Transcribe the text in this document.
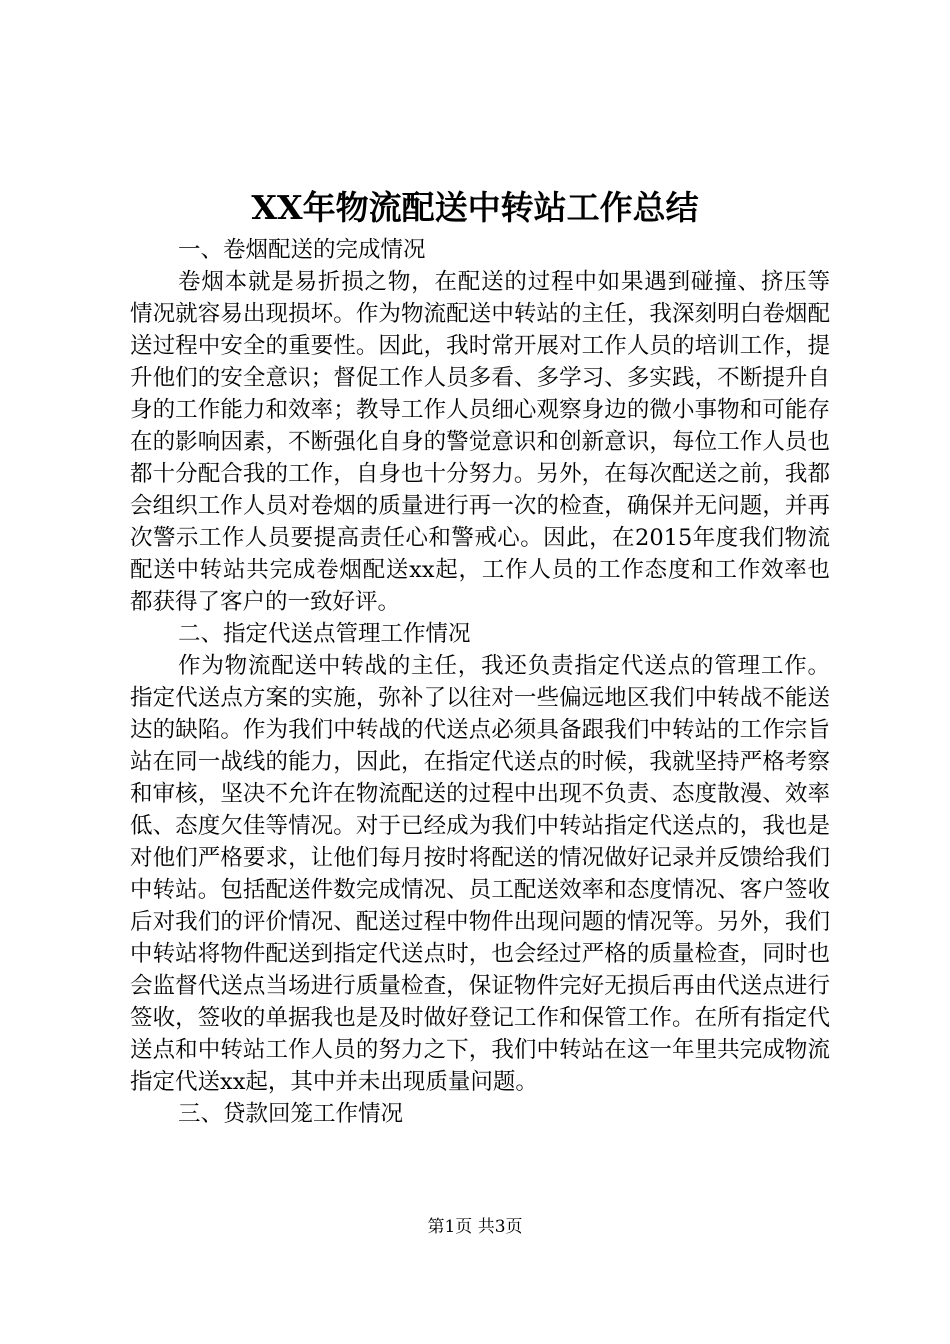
XX年物流配送中转站工作总结

一、卷烟配送的完成情况

卷烟本就是易折损之物，在配送的过程中如果遇到碰撞、挤压等情况就容易出现损坏。作为物流配送中转站的主任，我深刻明白卷烟配送过程中安全的重要性。因此，我时常开展对工作人员的培训工作，提升他们的安全意识；督促工作人员多看、多学习、多实践，不断提升自身的工作能力和效率；教导工作人员细心观察身边的微小事物和可能存在的影响因素，不断强化自身的警觉意识和创新意识，每位工作人员也都十分配合我的工作，自身也十分努力。另外，在每次配送之前，我都会组织工作人员对卷烟的质量进行再一次的检查，确保并无问题，并再次警示工作人员要提高责任心和警戒心。因此，在2015年度我们物流配送中转站共完成卷烟配送xx起，工作人员的工作态度和工作效率也都获得了客户的一致好评。

二、指定代送点管理工作情况

作为物流配送中转战的主任，我还负责指定代送点的管理工作。指定代送点方案的实施，弥补了以往对一些偏远地区我们中转战不能送达的缺陷。作为我们中转战的代送点必须具备跟我们中转站的工作宗旨站在同一战线的能力，因此，在指定代送点的时候，我就坚持严格考察和审核，坚决不允许在物流配送的过程中出现不负责、态度散漫、效率低、态度欠佳等情况。对于已经成为我们中转站指定代送点的，我也是对他们严格要求，让他们每月按时将配送的情况做好记录并反馈给我们中转站。包括配送件数完成情况、员工配送效率和态度情况、客户签收后对我们的评价情况、配送过程中物件出现问题的情况等。另外，我们中转站将物件配送到指定代送点时，也会经过严格的质量检查，同时也会监督代送点当场进行质量检查，保证物件完好无损后再由代送点进行签收，签收的单据我也是及时做好登记工作和保管工作。在所有指定代送点和中转站工作人员的努力之下，我们中转站在这一年里共完成物流指定代送xx起，其中并未出现质量问题。

三、贷款回笼工作情况

第1页 共3页
